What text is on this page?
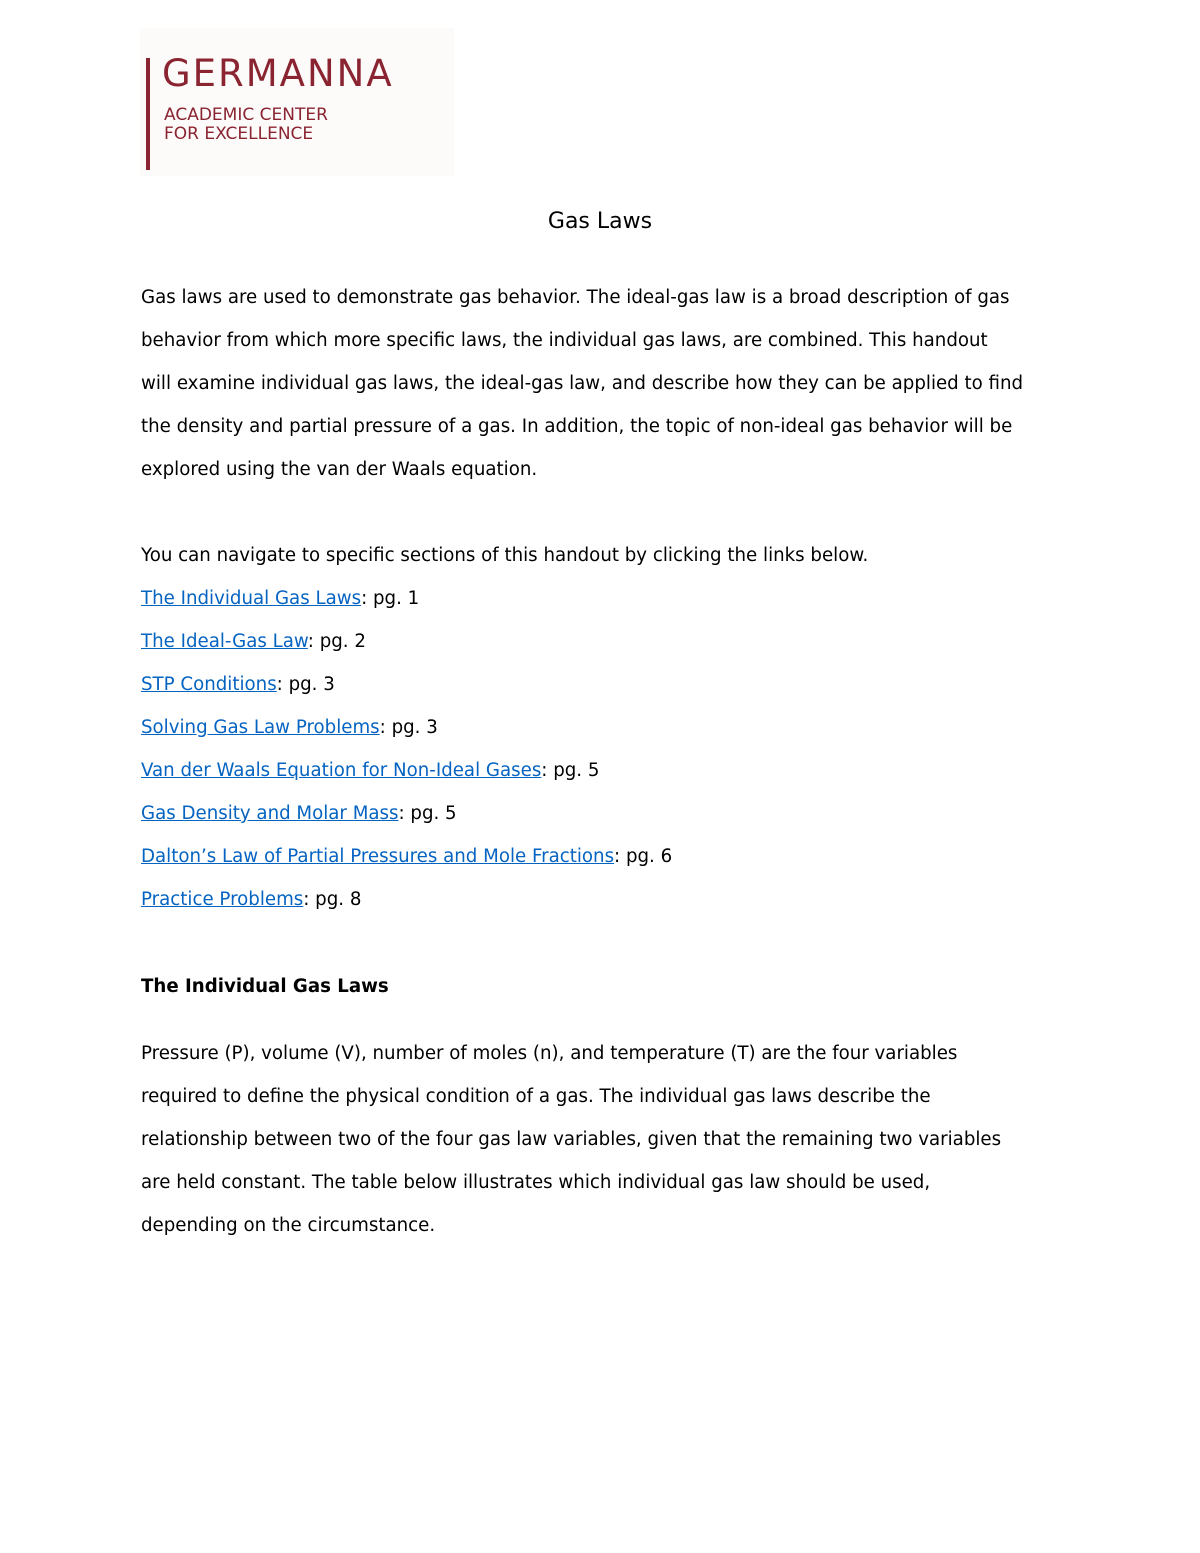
GERMANNA
ACADEMIC CENTER
FOR EXCELLENCE
Gas Laws
Gas laws are used to demonstrate gas behavior. The ideal-gas law is a broad description of gas
behavior from which more specific laws, the individual gas laws, are combined. This handout
will examine individual gas laws, the ideal-gas law, and describe how they can be applied to find
the density and partial pressure of a gas. In addition, the topic of non-ideal gas behavior will be
explored using the van der Waals equation.
You can navigate to specific sections of this handout by clicking the links below.
The Individual Gas Laws: pg. 1
The Ideal-Gas Law: pg. 2
STP Conditions: pg. 3
Solving Gas Law Problems: pg. 3
Van der Waals Equation for Non-Ideal Gases: pg. 5
Gas Density and Molar Mass: pg. 5
Dalton’s Law of Partial Pressures and Mole Fractions: pg. 6
Practice Problems: pg. 8
The Individual Gas Laws
Pressure (P), volume (V), number of moles (n), and temperature (T) are the four variables
required to define the physical condition of a gas. The individual gas laws describe the
relationship between two of the four gas law variables, given that the remaining two variables
are held constant. The table below illustrates which individual gas law should be used,
depending on the circumstance.
